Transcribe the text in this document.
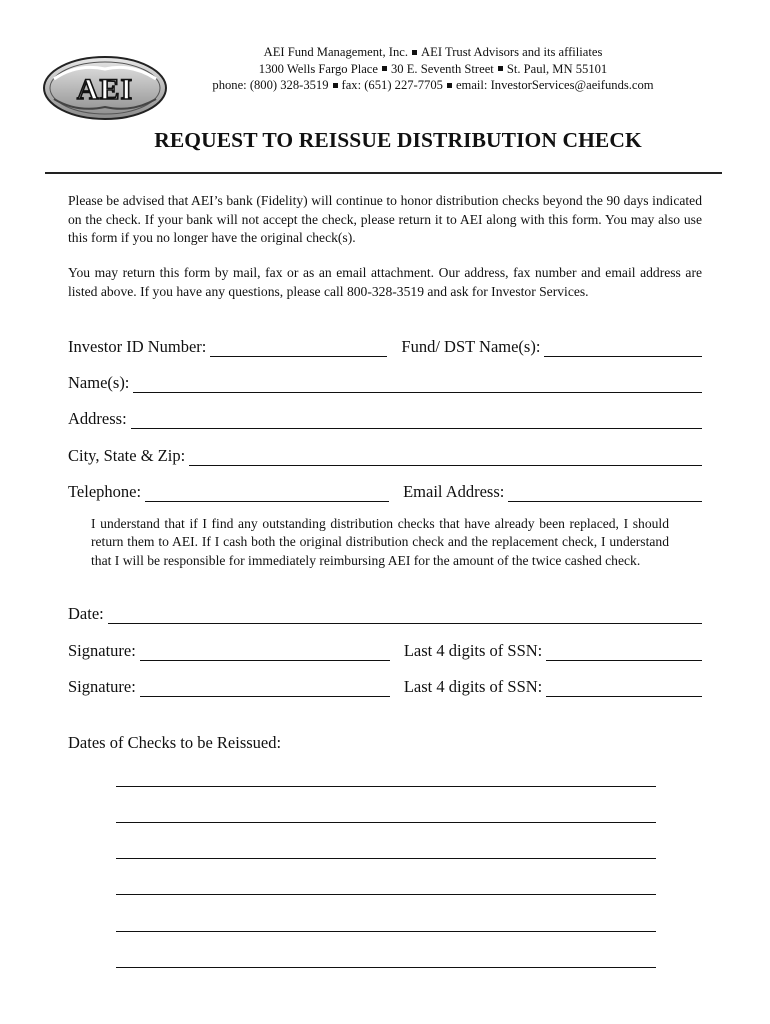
AEI
AEI Fund Management, Inc. AEI Trust Advisors and its affiliates
1300 Wells Fargo Place 30 E. Seventh Street St. Paul, MN 55101
phone: (800) 328-3519 fax: (651) 227-7705 email: InvestorServices@aeifunds.com
REQUEST TO REISSUE DISTRIBUTION CHECK
Please be advised that AEI’s bank (Fidelity) will continue to honor distribution checks beyond the 90 days indicated on the check. If your bank will not accept the check, please return it to AEI along with this form. You may also use this form if you no longer have the original check(s).
You may return this form by mail, fax or as an email attachment. Our address, fax number and email address are listed above. If you have any questions, please call 800-328-3519 and ask for Investor Services.
Investor ID Number:	Fund/ DST Name(s):
Name(s):
Address:
City, State & Zip:
Telephone:	Email Address:
I understand that if I find any outstanding distribution checks that have already been replaced, I should return them to AEI. If I cash both the original distribution check and the replacement check, I understand that I will be responsible for immediately reimbursing AEI for the amount of the twice cashed check.
Date:
Signature:	Last 4 digits of SSN:
Signature:	Last 4 digits of SSN:
Dates of Checks to be Reissued:
